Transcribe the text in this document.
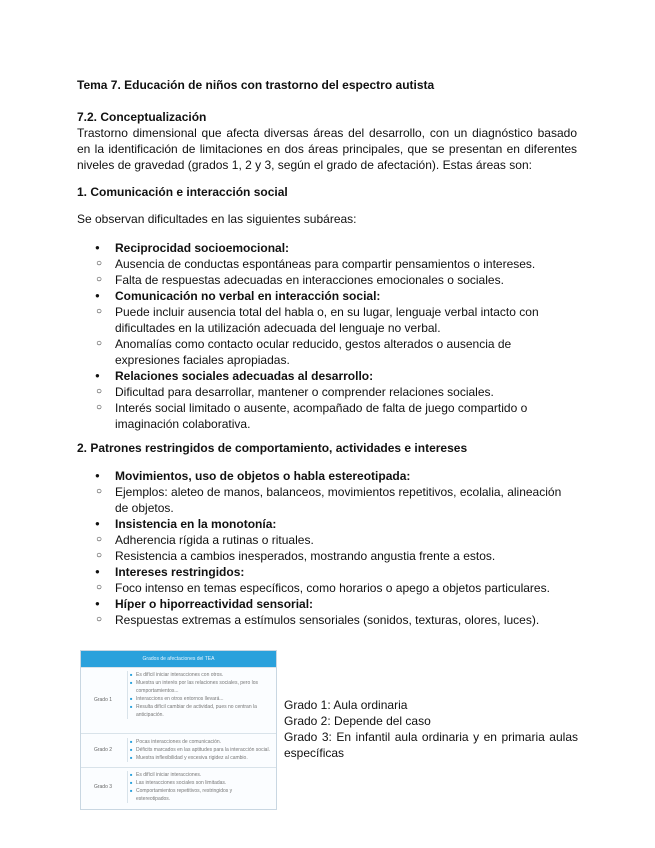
Tema 7. Educación de niños con trastorno del espectro autista

7.2. Conceptualización

Trastorno dimensional que afecta diversas áreas del desarrollo, con un diagnóstico basado en la identificación de limitaciones en dos áreas principales, que se presentan en diferentes niveles de gravedad (grados 1, 2 y 3, según el grado de afectación). Estas áreas son:

1. Comunicación e interacción social

Se observan dificultades en las siguientes subáreas:

● Reciprocidad socioemocional:
○ Ausencia de conductas espontáneas para compartir pensamientos o intereses.
○ Falta de respuestas adecuadas en interacciones emocionales o sociales.
● Comunicación no verbal en interacción social:
○ Puede incluir ausencia total del habla o, en su lugar, lenguaje verbal intacto con dificultades en la utilización adecuada del lenguaje no verbal.
○ Anomalías como contacto ocular reducido, gestos alterados o ausencia de expresiones faciales apropiadas.
● Relaciones sociales adecuadas al desarrollo:
○ Dificultad para desarrollar, mantener o comprender relaciones sociales.
○ Interés social limitado o ausente, acompañado de falta de juego compartido o imaginación colaborativa.

2. Patrones restringidos de comportamiento, actividades e intereses

● Movimientos, uso de objetos o habla estereotipada:
○ Ejemplos: aleteo de manos, balanceos, movimientos repetitivos, ecolalia, alineación de objetos.
● Insistencia en la monotonía:
○ Adherencia rígida a rutinas o rituales.
○ Resistencia a cambios inesperados, mostrando angustia frente a estos.
● Intereses restringidos:
○ Foco intenso en temas específicos, como horarios o apego a objetos particulares.
● Híper o hiporreactividad sensorial:
○ Respuestas extremas a estímulos sensoriales (sonidos, texturas, olores, luces).
Grados de afectaciones del TEA
Grado 1
■ Es difícil iniciar interacciones con otros.
■ Muestra un interés por las relaciones sociales, pero los
comportamientos...
■ Interaccions en otros entornos llevará...
■ Resulta difícil cambiar de actividad, pues no centran la
anticipación.
Grado 2
■ Pocas interacciones de comunicación.
■ Déficits marcados en las aptitudes para la interacción social.
■ Muestra inflexibilidad y excesiva rigidez al cambio.
Grado 3
■ Es difícil iniciar interacciones.
■ Las interacciones sociales son limitadas.
■ Comportamientos repetitivos, restringidos y
estereotipados.
Grado 1: Aula ordinaria
Grado 2: Depende del caso
Grado 3: En infantil aula ordinaria y en primaria aulas específicas
